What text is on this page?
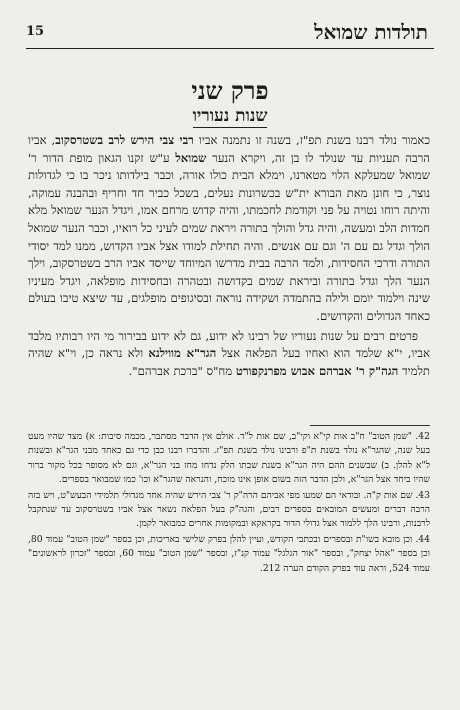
תולדות שמואל
15
פרק שני
שנות נעוריו

כאמור נולד רבנו בשנת תפ"ז, בשנה זו נתמנה אביו רבי צבי הירש לרב בשטרסקוב, אביו הרבה תעניות עד שנולד לו בן זה, ויקרא הנער שמואל ע"ש זקנו הגאון מופת הדור ר' שמואל שמעלקא הלוי מטארנו, וימלא הבית כולו אורה, וכבר בילדותו ניכר בו כי לגדולות נוצר, כי חונן מאת הבורא ית"ש בכשרונות נעלים, בשכל כביר חד וחריף ובהבנה עמוקה, והיתה רוחו נטויה על פני וקודמת לחכמתו, והיה קדוש מרחם אמו, ויגדל הנער שמואל מלא חמדות הלב ומעשה, והיה גדל והולך בתורה ויראת שמים לעיני כל רואיו, וכבר הנער שמואל הולך וגדל גם עם ה' וגם עם אנשים. והיה תחילת למודו אצל אביו הקדוש, ממנו למד יסודי התורה ודרכי החסידות, ולמד הרבה בבית מדרשו המיוחד שייסד אביו הרב בשטרסקוב, וילך הנער הלך וגדל בתורה וביראת שמים בקדושה ובטהרה ובחסידות מופלאה, ויגדל מעיניו שינה וילמוד יומם ולילה בהתמדה ושקידה נוראה ובסיגופים מופלגים, עד שיצא טיבו בעולם כאחד הגדולים והקדושים.

פרטים רבים על שנות נעוריו של רבינו לא ידוע, גם לא ידוע בבירור מי היו רבותיו מלבד אביו, י"א שלמד הוא ואחיו בעל הפלאה אצל הגר"א מווילנא ולא נראה כן, וי"א שהיה תלמיד הגה"ק ר' אברהם אבוש מפרנקפורט מח"ס "ברכת אברהם".

42. "שמן הטוב" ח"ב אות קי"א וקי"ב, שם אות ל"ד. אולם אין הדבר מסתבר, מכמה סיבות: א) מצד שהיו מעט בעל שנה, שהגר"א נולד בשנת ת"פ ורבינו נולד בשנת תפ"ז. והדברו רבנו כבן כדי גם כאחד מבני הגר"א ובשנות ל"א להלן. ב) שבשנים ההם היה הגר"א בשנת שבתו הלק נדחו מחז בני הגר"א, וגם לא מסופר בכל מקור ברור שהיו ביחד אצל הגר"א, ולכן הדבר הזה בשום אופן אינו מוכח, והנראה שהגר"א וכו' כמו שמבואר בספרים.

43. שם אות ק"ה. ובודאי הם שמעו מפי אביהם הרה"ק ר' צבי הירש שהיה אחד מגדולי תלמידי הבעש"ט, ויש בזה הרבה דברים ומעשים המובאים בספרים רבים, והגה"ק בעל הפלאה נשאר אצל אביו בשטרסקוב עד שנתקבל לרבנות, ורבינו הלך ללמוד אצל גדולי הדור בקראקא ובמקומות אחרים כמבואר לקמן.

44. וכן מובא בשו"ת ובספרים ובכתבי הקודש, ועיין להלן בפרק שלישי באריכות, וכן בספר "שמן הטוב" עמוד 80, וכן בספר "אהל יצחק", ובספר "אור הגלגל" עמוד קנ"ז, ובספר "שמן הטוב" עמוד 60, ובספר "זכרון לראשונים" עמוד 524, וראה עוד בפרק הקודם הערה 212.
